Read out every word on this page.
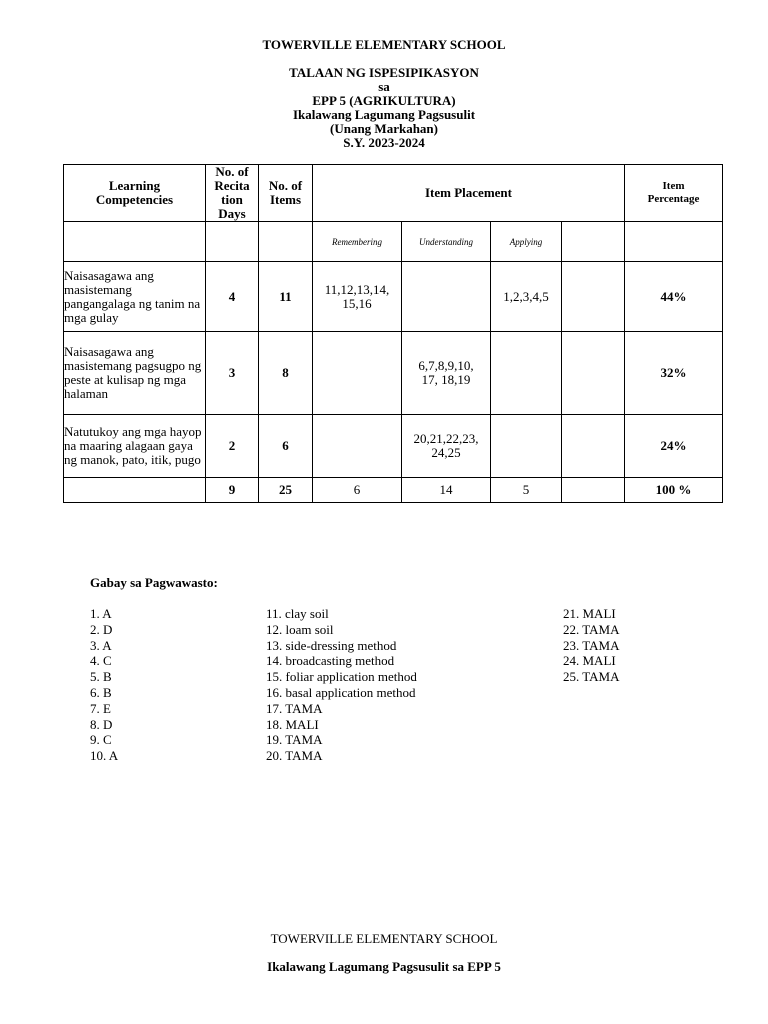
TOWERVILLE ELEMENTARY SCHOOL
TALAAN NG ISPESIPIKASYON
sa
EPP 5 (AGRIKULTURA)
Ikalawang Lagumang Pagsusulit
(Unang Markahan)
S.Y. 2023-2024
Learning Competencies	No. of Recita tion Days	No. of Items	Item Placement				Item Percentage
			Remembering	Understanding	Applying		
Naisasagawa ang masistemang pangangalaga ng tanim na mga gulay	4	11	11,12,13,14, 15,16		1,2,3,4,5		44%
Naisasagawa ang masistemang pagsugpo ng peste at kulisap ng mga halaman	3	8		6,7,8,9,10, 17, 18,19			32%
Natutukoy ang mga hayop na maaring alagaan gaya ng manok, pato, itik, pugo	2	6		20,21,22,23, 24,25			24%
	9	25	6	14	5		100 %
Gabay sa Pagwawasto:
1. A
2. D
3. A
4. C
5. B
6. B
7. E
8. D
9. C
10. A
11. clay soil
12. loam soil
13. side-dressing method
14. broadcasting method
15. foliar application method
16. basal application method
17. TAMA
18. MALI
19. TAMA
20. TAMA
21. MALI
22. TAMA
23. TAMA
24. MALI
25. TAMA
TOWERVILLE ELEMENTARY SCHOOL
Ikalawang Lagumang Pagsusulit sa EPP 5
